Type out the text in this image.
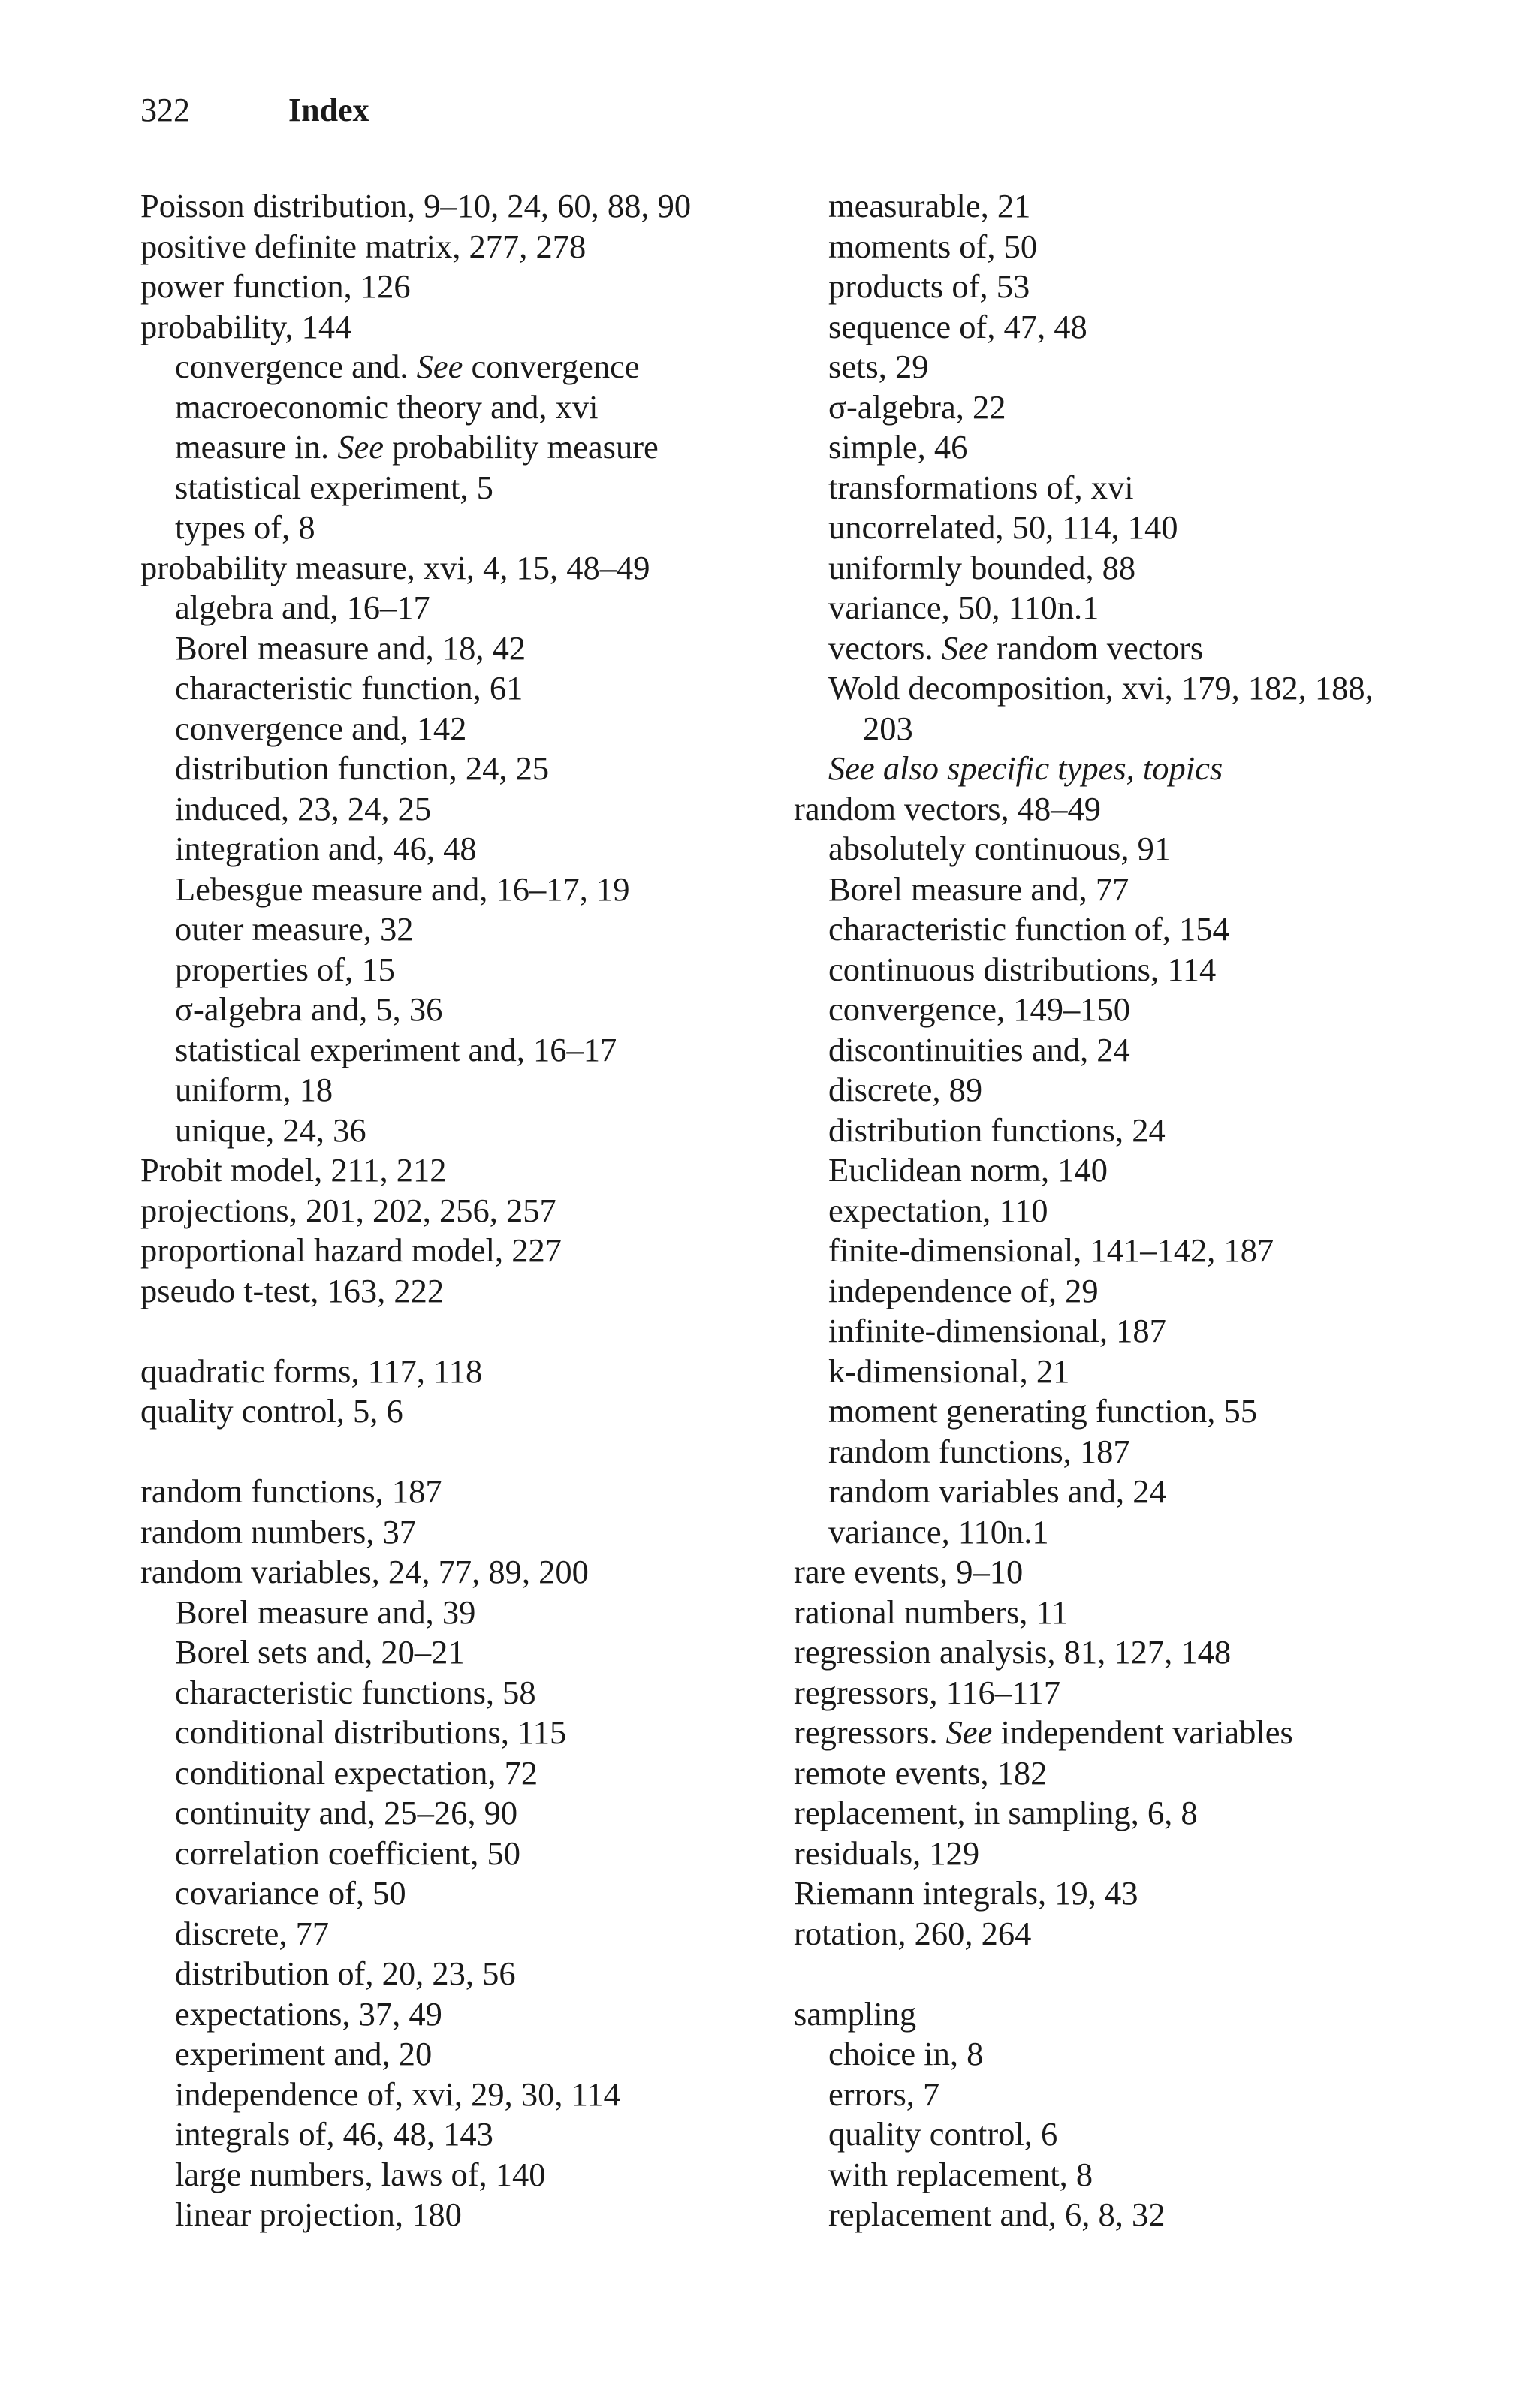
322	Index
Poisson distribution, 9–10, 24, 60, 88, 90
positive definite matrix, 277, 278
power function, 126
probability, 144
convergence and. See convergence
macroeconomic theory and, xvi
measure in. See probability measure
statistical experiment, 5
types of, 8
probability measure, xvi, 4, 15, 48–49
algebra and, 16–17
Borel measure and, 18, 42
characteristic function, 61
convergence and, 142
distribution function, 24, 25
induced, 23, 24, 25
integration and, 46, 48
Lebesgue measure and, 16–17, 19
outer measure, 32
properties of, 15
σ-algebra and, 5, 36
statistical experiment and, 16–17
uniform, 18
unique, 24, 36
Probit model, 211, 212
projections, 201, 202, 256, 257
proportional hazard model, 227
pseudo t-test, 163, 222
quadratic forms, 117, 118
quality control, 5, 6
random functions, 187
random numbers, 37
random variables, 24, 77, 89, 200
Borel measure and, 39
Borel sets and, 20–21
characteristic functions, 58
conditional distributions, 115
conditional expectation, 72
continuity and, 25–26, 90
correlation coefficient, 50
covariance of, 50
discrete, 77
distribution of, 20, 23, 56
expectations, 37, 49
experiment and, 20
independence of, xvi, 29, 30, 114
integrals of, 46, 48, 143
large numbers, laws of, 140
linear projection, 180
measurable, 21
moments of, 50
products of, 53
sequence of, 47, 48
sets, 29
σ-algebra, 22
simple, 46
transformations of, xvi
uncorrelated, 50, 114, 140
uniformly bounded, 88
variance, 50, 110n.1
vectors. See random vectors
Wold decomposition, xvi, 179, 182, 188,
203
See also specific types, topics
random vectors, 48–49
absolutely continuous, 91
Borel measure and, 77
characteristic function of, 154
continuous distributions, 114
convergence, 149–150
discontinuities and, 24
discrete, 89
distribution functions, 24
Euclidean norm, 140
expectation, 110
finite-dimensional, 141–142, 187
independence of, 29
infinite-dimensional, 187
k-dimensional, 21
moment generating function, 55
random functions, 187
random variables and, 24
variance, 110n.1
rare events, 9–10
rational numbers, 11
regression analysis, 81, 127, 148
regressors, 116–117
regressors. See independent variables
remote events, 182
replacement, in sampling, 6, 8
residuals, 129
Riemann integrals, 19, 43
rotation, 260, 264
sampling
choice in, 8
errors, 7
quality control, 6
with replacement, 8
replacement and, 6, 8, 32
